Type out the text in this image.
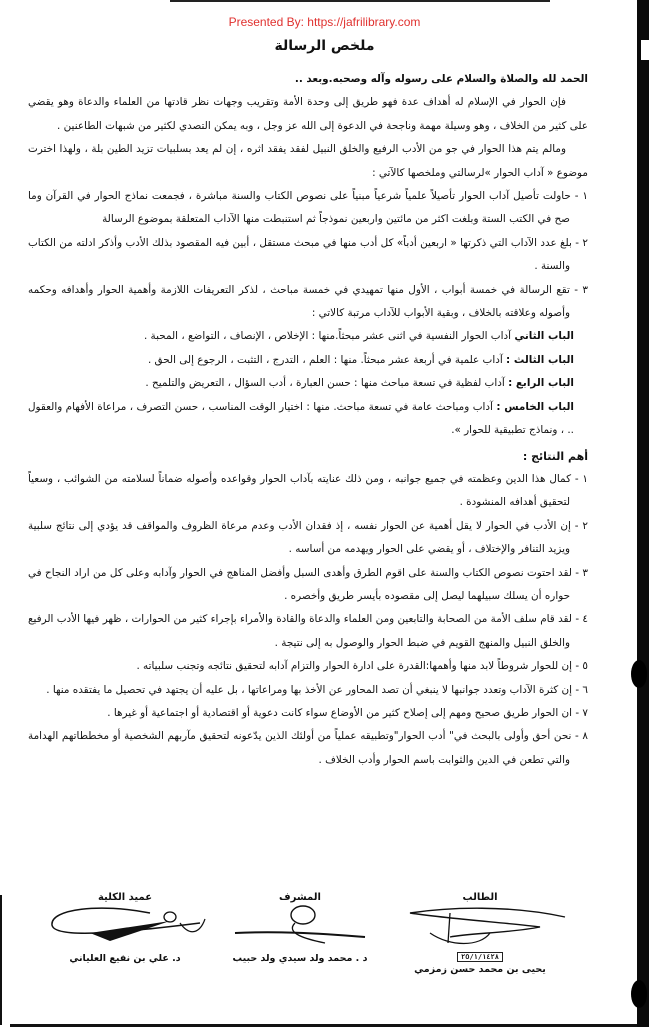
Presented By: https://jafrilibrary.com
ملخص الرسالة

الحمد لله والصلاة والسلام على رسوله وآله وصحبه.وبعد ..

فإن الحوار في الإسلام له أهداف عدة فهو طريق إلى وحدة الأمة وتقريب وجهات نظر قادتها من العلماء والدعاة وهو يقضي على كثير من الخلاف ، وهو وسيلة مهمة وناجحة في الدعوة إلى الله عز وجل ، وبه يمكن التصدي لكثير من شبهات الطاعنين .

ومالم يتم هذا الحوار في جو من الأدب الرفيع والخلق النبيل لفقد يفقد اثره ، إن لم يعد بسلبيات تزيد الطين بلة ، ولهذا اخترت موضوع « آداب الحوار »لرسالتي وملخصها كالآتي :

١ - حاولت تأصيل آداب الحوار تأصيلاً علمياً شرعياً مبنياً على نصوص الكتاب والسنة مباشرة ، فجمعت نماذج الحوار في القرآن وما صح في الكتب الستة وبلغت اكثر من مائتين واربعين نموذجاً ثم استنبطت منها الآداب المتعلقة بموضوع الرسالة

٢ - بلغ عدد الآداب التي ذكرتها « اربعين أدباً» كل أدب منها في مبحث مستقل ، أبين فيه المقصود بذلك الأدب وأذكر ادلته من الكتاب والسنة .

٣ - تقع الرسالة في خمسة أبواب ، الأول منها تمهيدي في خمسة مباحث ، لذكر التعريفات اللازمة وأهمية الحوار وأهدافه وحكمه وأصوله وعلاقته بالخلاف ، وبقية الأبواب للآداب مرتبة كالاتي :

الباب الثاني آداب الحوار النفسية في اثنى عشر مبحثاً.منها : الإخلاص ، الإنصاف ، التواضع ، المحبة .

الباب الثالث : آداب علمية في أربعة عشر مبحثاً. منها : العلم ، التدرج ، التثبت ، الرجوع إلى الحق .

الباب الرابع : آداب لفظية في تسعة مباحث منها : حسن العبارة ، أدب السؤال ، التعريض والتلميح .

الباب الخامس : آداب ومباحث عامة في تسعة مباحث. منها : اختيار الوقت المناسب ، حسن التصرف ، مراعاة الأفهام والعقول .. ، ونماذج تطبيقية للحوار ».

أهم النتائج :

١ - كمال هذا الدين وعظمته في جميع جوانبه ، ومن ذلك عنايته بآداب الحوار وقواعده وأصوله ضماناً لسلامته من الشوائب ، وسعياً لتحقيق أهدافه المنشودة .

٢ - إن الأدب في الحوار لا يقل أهمية عن الحوار نفسه ، إذ فقدان الأدب وعدم مرعاة الظروف والمواقف قد يؤدي إلى نتائج سلبية ويزيد التنافر والإختلاف ، أو يقضي على الحوار ويهدمه من أساسه .

٣ - لقد احتوت نصوص الكتاب والسنة على اقوم الطرق وأهدى السبل وأفضل المناهج في الحوار وآدابه وعلى كل من اراد النجاح في حواره أن يسلك سبيلهما ليصل إلى مقصوده بأيسر طريق وأخصره .

٤ - لقد قام سلف الأمة من الصحابة والتابعين ومن العلماء والدعاة والقادة والأمراء بإجراء كثير من الحوارات ، ظهر فيها الأدب الرفيع والخلق النبيل والمنهج القويم في ضبط الحوار والوصول به إلى نتيجة .

٥ - إن للحوار شروطاً لابد منها وأهمها:القدرة على ادارة الحوار والتزام آدابه لتحقيق نتائجه وتجنب سلبياته .

٦ - إن كثرة الآداب وتعدد جوانبها لا ينبغي أن تصد المحاور عن الأخذ بها ومراعاتها ، بل عليه أن يجتهد في تحصيل ما يفتقده منها .

٧ - ان الحوار طريق صحيح ومهم إلى إصلاح كثير من الأوضاع سواء كانت دعوية أو اقتصادية أو اجتماعية أو غيرها .

٨ - نحن أحق وأولى بالبحث في" أدب الحوار"وتطبيقه عملياً من أولئك الذين يدّعونه لتحقيق مآربهم الشخصية أو مخططاتهم الهدامة والتي تطعن في الدين والثوابت باسم الحوار وأدب الخلاف .

الطالب
٢٥/١/١٤٢٨
يحيى بن محمد حسن زمزمي
المشرف
د . محمد ولد سيدي ولد حبيب
عميد الكلية
د. علي بن نفيع العلياني
